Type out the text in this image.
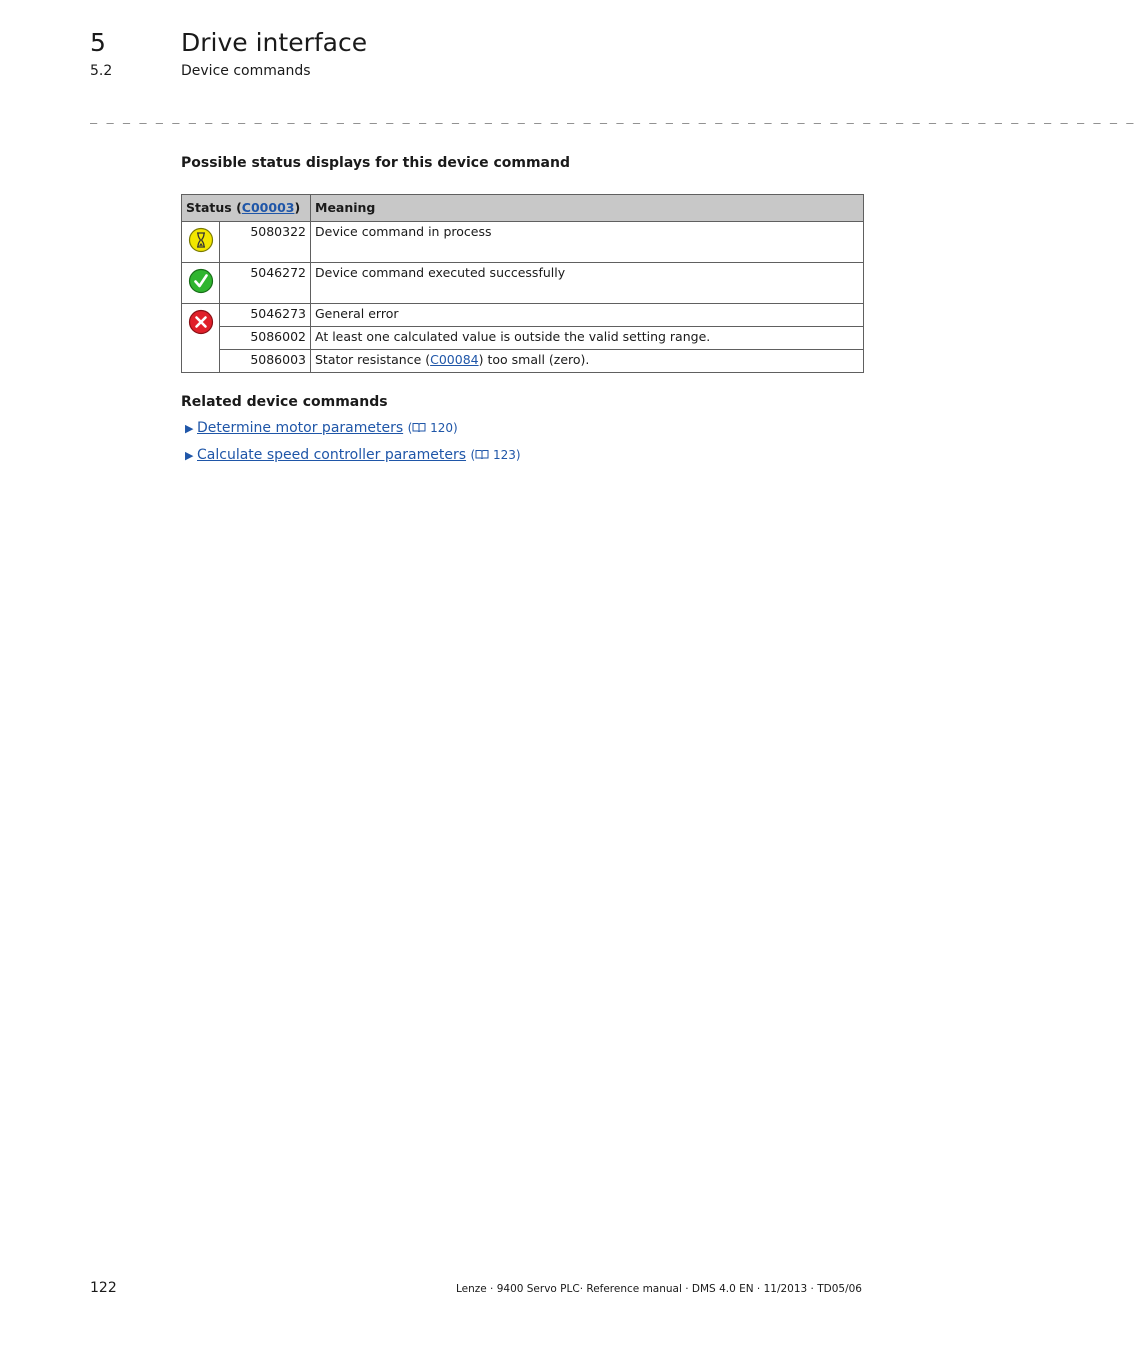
5	Drive interface
5.2	Device commands
_ _ _ _ _ _ _ _ _ _ _ _ _ _ _ _ _ _ _ _ _ _ _ _ _ _ _ _ _ _ _ _ _ _ _ _ _ _ _ _ _ _ _ _ _ _ _ _ _ _ _ _ _ _ _ _ _ _ _ _ _ _ _ _
Possible status displays for this device command
Status (C00003)		Meaning

	5080322	Device command in process

	5046272	Device command executed successfully

	5046273	General error
	5086002	At least one calculated value is outside the valid setting range.
	5086003	Stator resistance (C00084) too small (zero).
Related device commands
▶ Determine motor parameters ( 120)
▶ Calculate speed controller parameters ( 123)
122	Lenze · 9400 Servo PLC· Reference manual · DMS 4.0 EN · 11/2013 · TD05/06
